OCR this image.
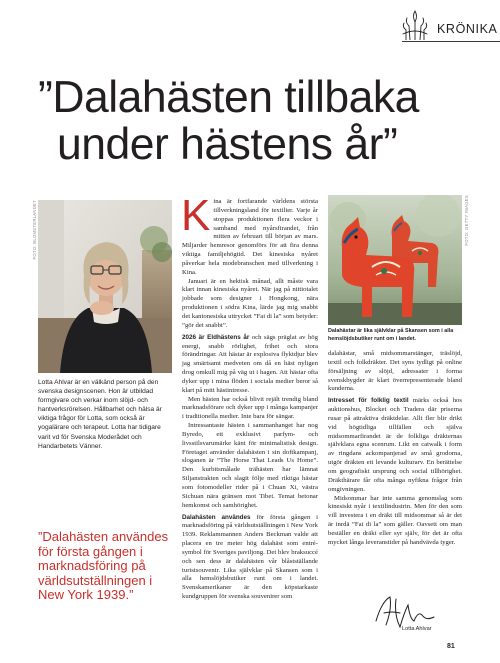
KRÖNIKA
”Dalahästen tillbaka
under hästens år”
FOTO: BLOMSTERLANDET	FOTO: GETTY IMAGES
Lotta Ahlvar är en välkänd person på den svenska designscenen. Hon är utbildad formgivare och verkar inom slöjd- och hantverksrörelsen. Hållbarhet och hälsa är viktiga frågor för Lotta, som också är yogalärare och terapeut. Lotta har tidigare varit vd för Svenska Moderådet och Handarbetets Vänner.
Dalahästar är lika självklar på Skansen som i alla hemslöjdsbutiker runt om i landet.
”Dalahästen användes för första gången i marknadsföring på världsutställningen i New York 1939.”
K ina är fortfarande världens största tillverkningsland för textilier. Varje år stoppas produktionen flera veckor i samband med nyårsfirandet, från mitten av februari till början av mars. Miljarder hemresor genomförs för att fira denna viktiga familjehögtid. Det kinesiska nyåret påverkar hela modebranschen med tillverkning i Kina.

Januari är en hektisk månad, allt måste vara klart innan kinesiska nyåret. När jag på nittiotalet jobbade som designer i Hongkong, nära produktionen i södra Kina, lärde jag mig snabbt det kantonesiska uttrycket ”Fai di la” som betyder: ”gör det snabbt”.

2026 är Eldhästens år och sägs präglat av hög energi, snabb rörlighet, frihet och stora förändringar. Att hästar är explosiva flyktdjur blev jag smärtsamt medveten om då en häst nyligen drog omkull mig på väg ut i hagen. Att hästar ofta dyker upp i mina flöden i sociala medier beror så klart på mitt hästintresse.

Men hästen har också blivit rejält trendig bland marknadsförare och dyker upp i många kampanjer i traditionella medier. Inte bara för sängar.

Intressantaste hästen i sammanhanget har nog Byredo, ett exklusivt parfym- och livsstilsvarumärke känt för minimalistisk design. Företaget använder dalahästen i sin doftkampanj, sloganen är ”The Horse That Leads Us Home”. Den kurbitsmålade trähästen har lämnat Siljanstrakten och slagit följe med riktiga hästar som fotomodeller rider på i Chuan Xi, västra Sichuan nära gränsen mot Tibet. Temat betonar hemkomst och samhörighet.

Dalahästen användes för första gången i marknadsföring på världsutställningen i New York 1939. Reklammannen Anders Beckman valde att placera en tre meter hög dalahäst som entré-symbol för Sveriges paviljong. Det blev braksuccé och sen dess är dalahästen vår blåstställande turistsouvenir. Lika självklar på Skansen som i alla hemslöjdsbutiker runt om i landet. Svenskamerikaner är den köpstarkaste kundgruppen för svenska souvenirer som

dalahästar, små midsommarstänger, träslöjd, textil och folkdräkter. Det syns tydligt på online försäljning av slöjd, adressater i forma svenskbygder är klart överrepresenterade bland kunderna.

Intresset för folklig textil märks också hos auktionshus, Blocket och Tradera där priserna rusar på attraktiva dräktdelar. Allt fler blir drikt vid högtidliga tillfällen och själva midsommarfirandet är de folkliga dräkternas självklara egna scenrum. Likt en catwalk i form av ringdans ackompanjerad av små grodorna, utgör dräkten ett levande kulturarv. En berättelse om geografiskt ursprung och social tillhörighet. Dräkthärare får ofta många nyfikna frågor från omgivningen.

Midsommar har inte samma genomslag som kinesiskt nyår i textilindustrin. Men för den som vill investera i en dräkt till midsommar så är det är inrdä ”Fai di la” som gäller. Oavsett om man beställer en dräkt eller syr själv, för det är ofta mycket långa leveranstider på handvävda tyger.

Lotta Ahlvar
81
